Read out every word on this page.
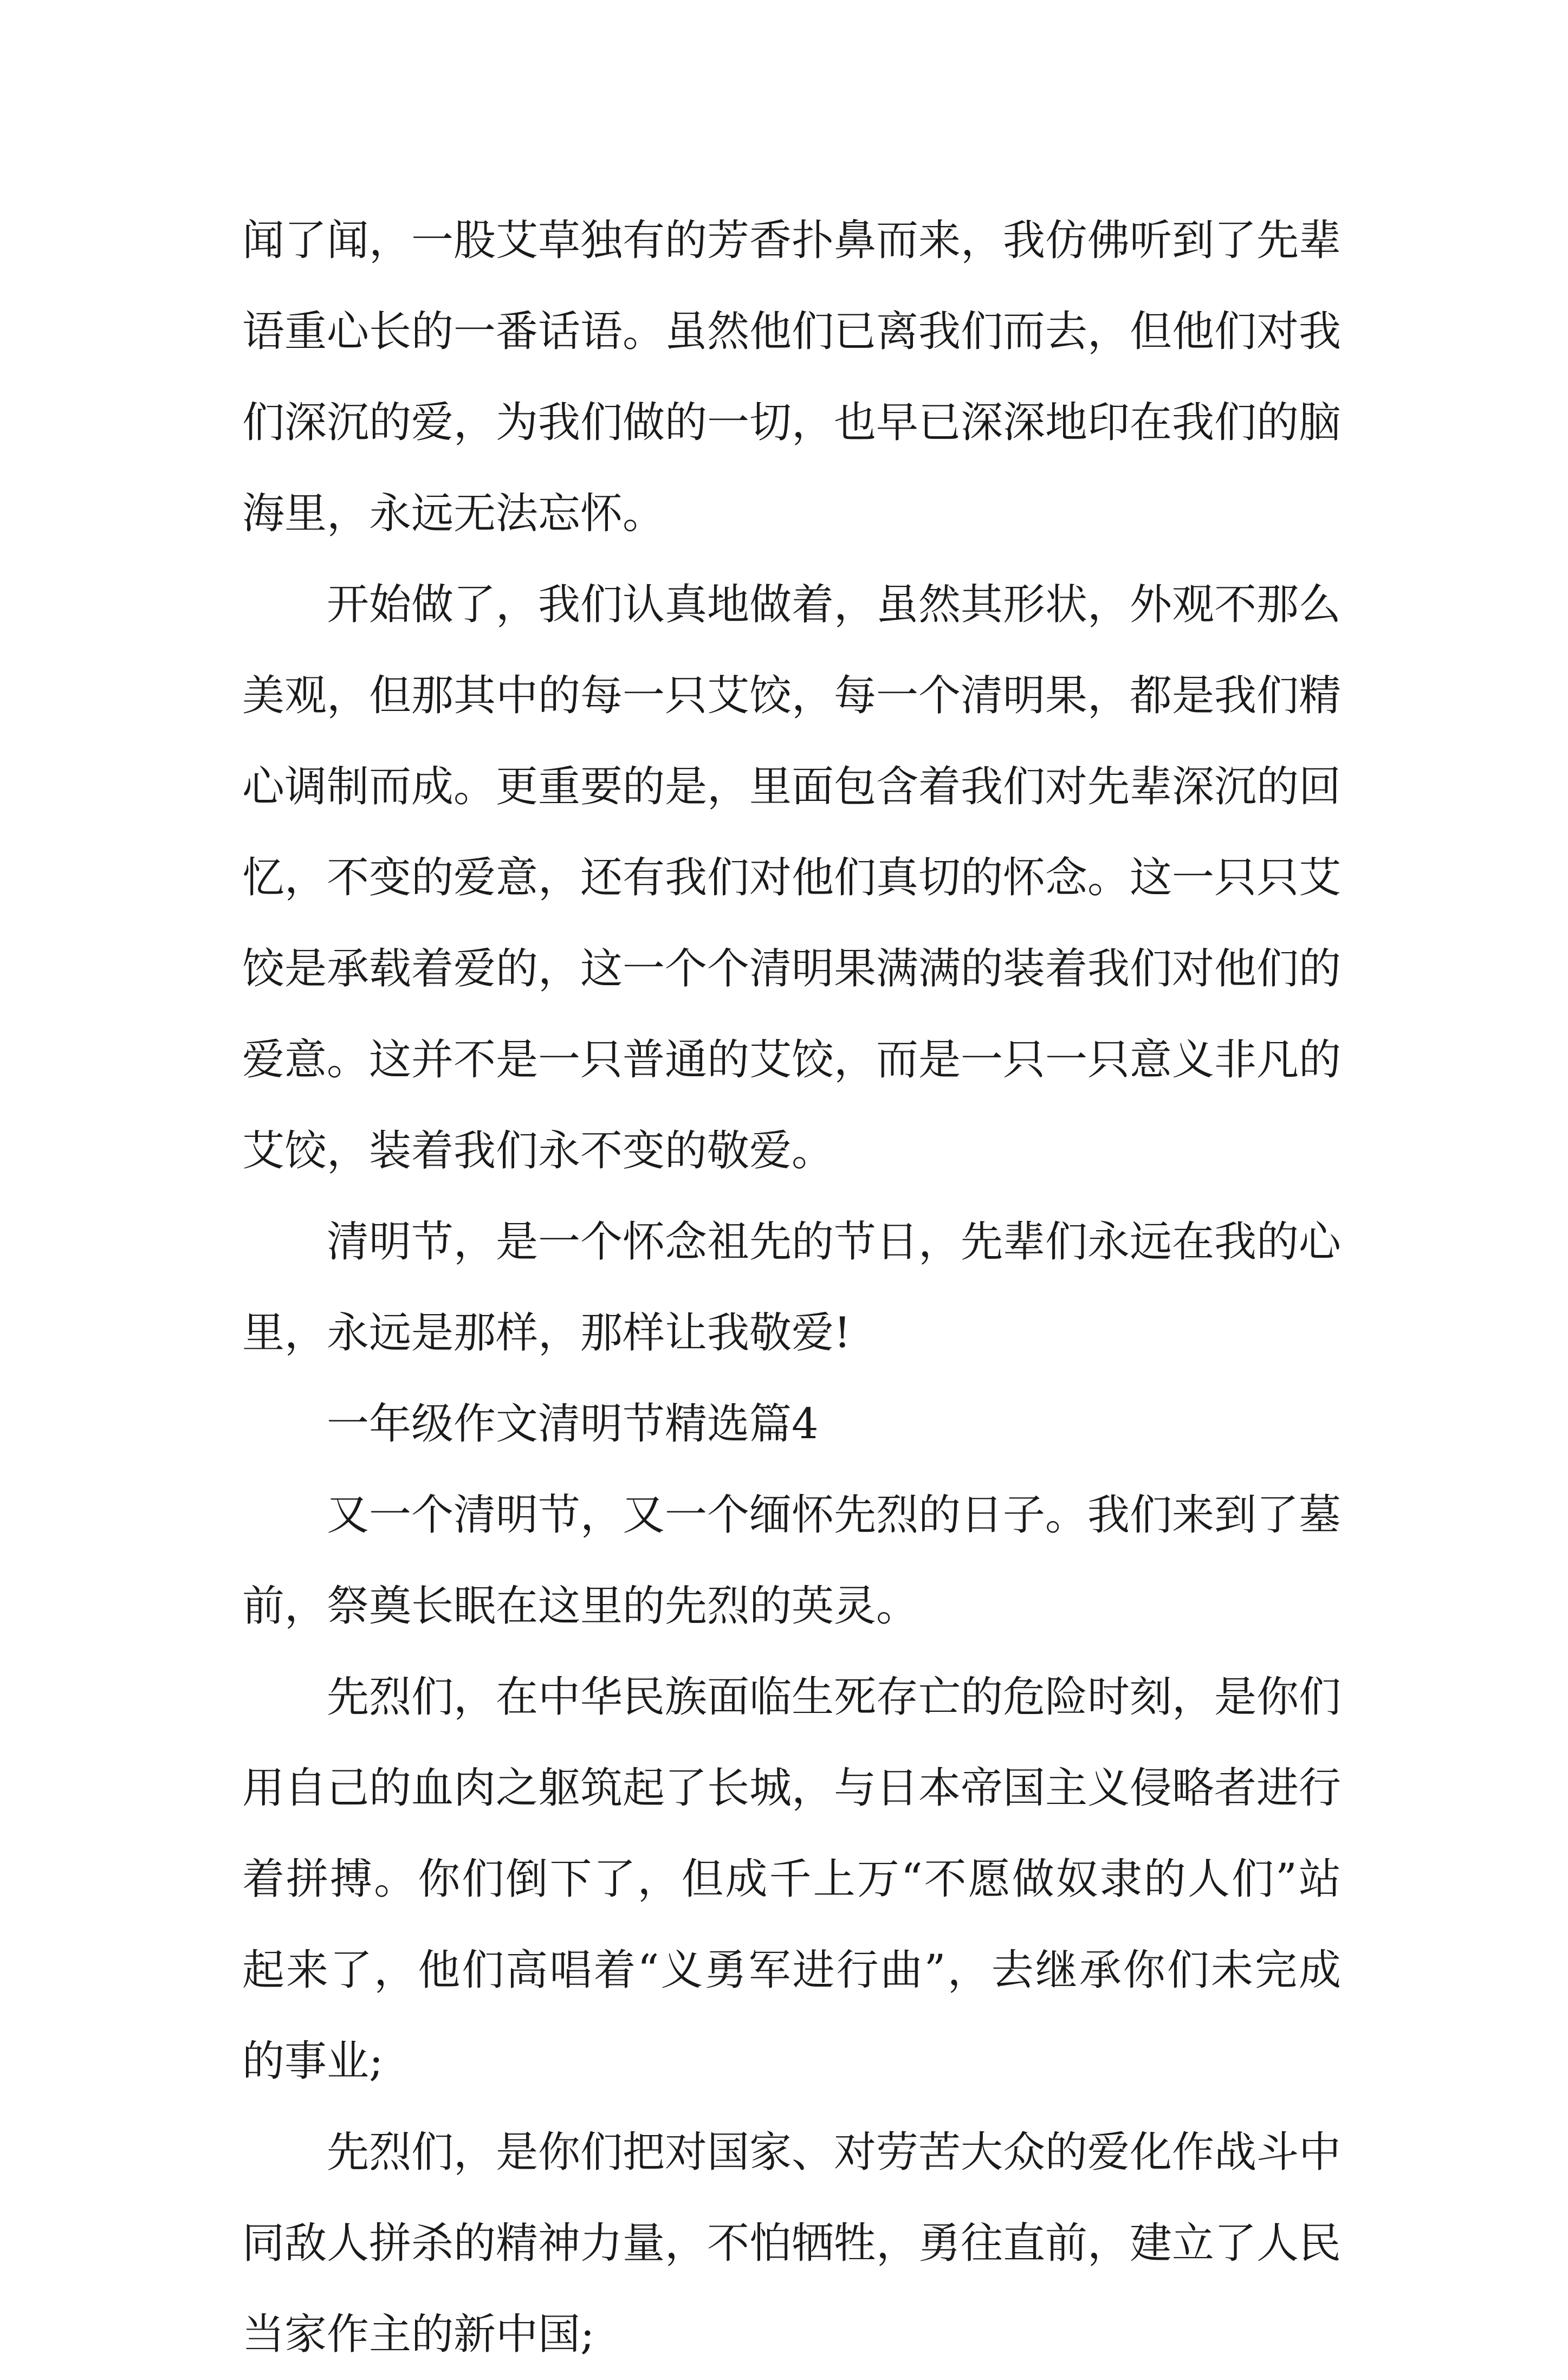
闻了闻，一股艾草独有的芳香扑鼻而来，我仿佛听到了先辈语重心长的一番话语。虽然他们已离我们而去，但他们对我们深沉的爱，为我们做的一切，也早已深深地印在我们的脑海里，永远无法忘怀。

开始做了，我们认真地做着，虽然其形状，外观不那么美观，但那其中的每一只艾饺，每一个清明果，都是我们精心调制而成。更重要的是，里面包含着我们对先辈深沉的回忆，不变的爱意，还有我们对他们真切的怀念。这一只只艾饺是承载着爱的，这一个个清明果满满的装着我们对他们的爱意。这并不是一只普通的艾饺，而是一只一只意义非凡的艾饺，装着我们永不变的敬爱。

清明节，是一个怀念祖先的节日，先辈们永远在我的心里，永远是那样，那样让我敬爱!

一年级作文清明节精选篇4

又一个清明节，又一个缅怀先烈的日子。我们来到了墓前，祭奠长眠在这里的先烈的英灵。

先烈们，在中华民族面临生死存亡的危险时刻，是你们用自己的血肉之躯筑起了长城，与日本帝国主义侵略者进行着拼搏。你们倒下了，但成千上万“不愿做奴隶的人们”站起来了，他们高唱着“义勇军进行曲”，去继承你们未完成的事业;

先烈们，是你们把对国家、对劳苦大众的爱化作战斗中同敌人拼杀的精神力量，不怕牺牲，勇往直前，建立了人民当家作主的新中国;
